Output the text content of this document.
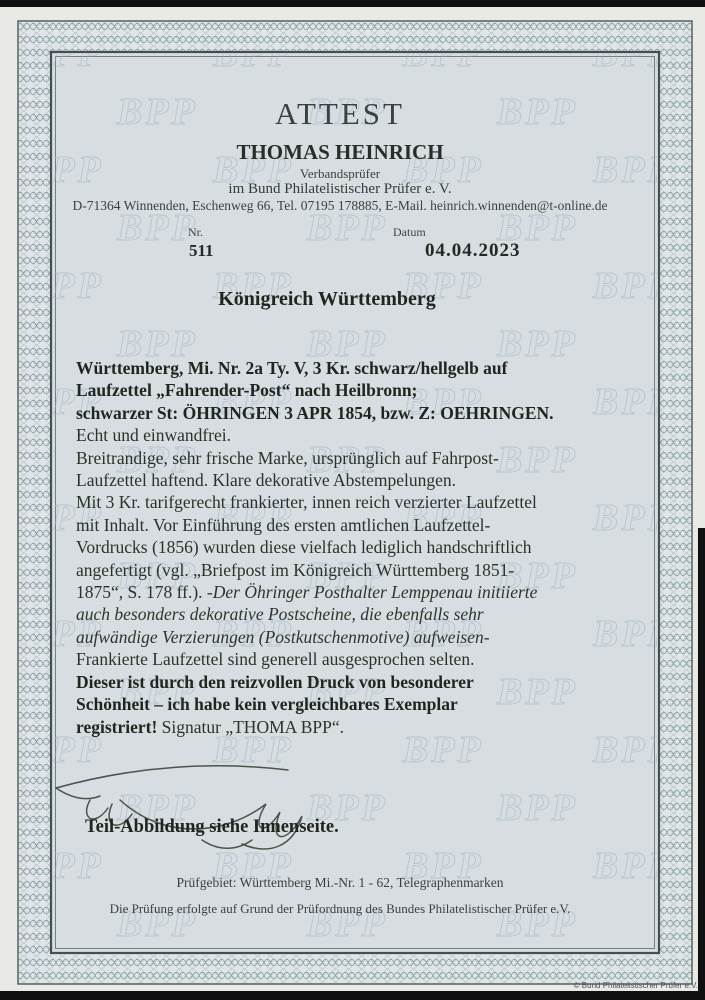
ATTEST
THOMAS HEINRICH
Verbandsprüfer
im Bund Philatelistischer Prüfer e. V.
D-71364 Winnenden, Eschenweg 66, Tel. 07195 178885, E-Mail. heinrich.winnenden@t-online.de
Nr.
511
Datum
04.04.2023
Königreich Württemberg
Württemberg, Mi. Nr. 2a Ty. V, 3 Kr. schwarz/hellgelb auf
Laufzettel „Fahrender-Post“ nach Heilbronn;
schwarzer St: ÖHRINGEN 3 APR 1854, bzw. Z: OEHRINGEN.
Echt und einwandfrei.
Breitrandige, sehr frische Marke, ursprünglich auf Fahrpost-
Laufzettel haftend. Klare dekorative Abstempelungen.
Mit 3 Kr. tarifgerecht frankierter, innen reich verzierter Laufzettel
mit Inhalt. Vor Einführung des ersten amtlichen Laufzettel-
Vordrucks (1856) wurden diese vielfach lediglich handschriftlich
angefertigt (vgl. „Briefpost im Königreich Württemberg 1851-
1875“, S. 178 ff.). -Der Öhringer Posthalter Lemppenau initiierte
auch besonders dekorative Postscheine, die ebenfalls sehr
aufwändige Verzierungen (Postkutschenmotive) aufweisen-
Frankierte Laufzettel sind generell ausgesprochen selten.
Dieser ist durch den reizvollen Druck von besonderer
Schönheit – ich habe kein vergleichbares Exemplar
registriert! Signatur „THOMA BPP“.
Teil-Abbildung siehe Innenseite.
Prüfgebiet: Württemberg Mi.-Nr. 1 - 62, Telegraphenmarken
Die Prüfung erfolgte auf Grund der Prüfordnung des Bundes Philatelistischer Prüfer e.V.
© Bund Philatelistischer Prüfer e.V.
